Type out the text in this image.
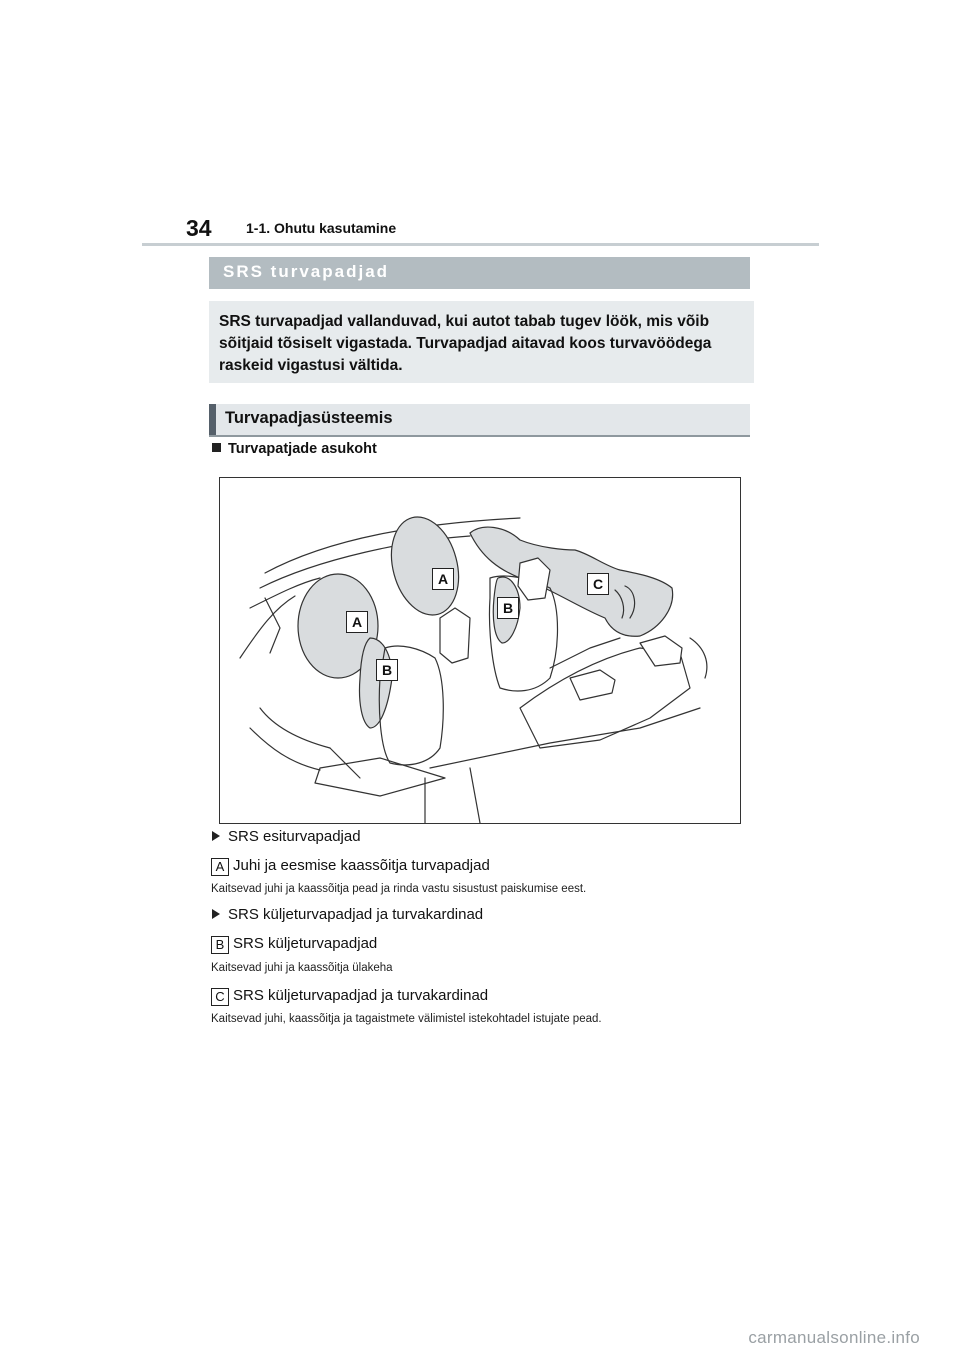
34 1-1. Ohutu kasutamine
SRS turvapadjad

SRS turvapadjad vallanduvad, kui autot tabab tugev löök, mis võib sõitjaid tõsiselt vigastada. Turvapadjad aitavad koos turvavöödega raskeid vigastusi vältida.

Turvapadjasüsteemis
Turvapatjade asukoht
A
A
B
B
C
SRS esiturvapadjad
A Juhi ja eesmise kaassõitja turvapadjad
Kaitsevad juhi ja kaassõitja pead ja rinda vastu sisustust paiskumise eest.
SRS küljeturvapadjad ja turvakardinad
B SRS küljeturvapadjad
Kaitsevad juhi ja kaassõitja ülakeha
C SRS küljeturvapadjad ja turvakardinad
Kaitsevad juhi, kaassõitja ja tagaistmete välimistel istekohtadel istujate pead.
carmanualsonline.info
